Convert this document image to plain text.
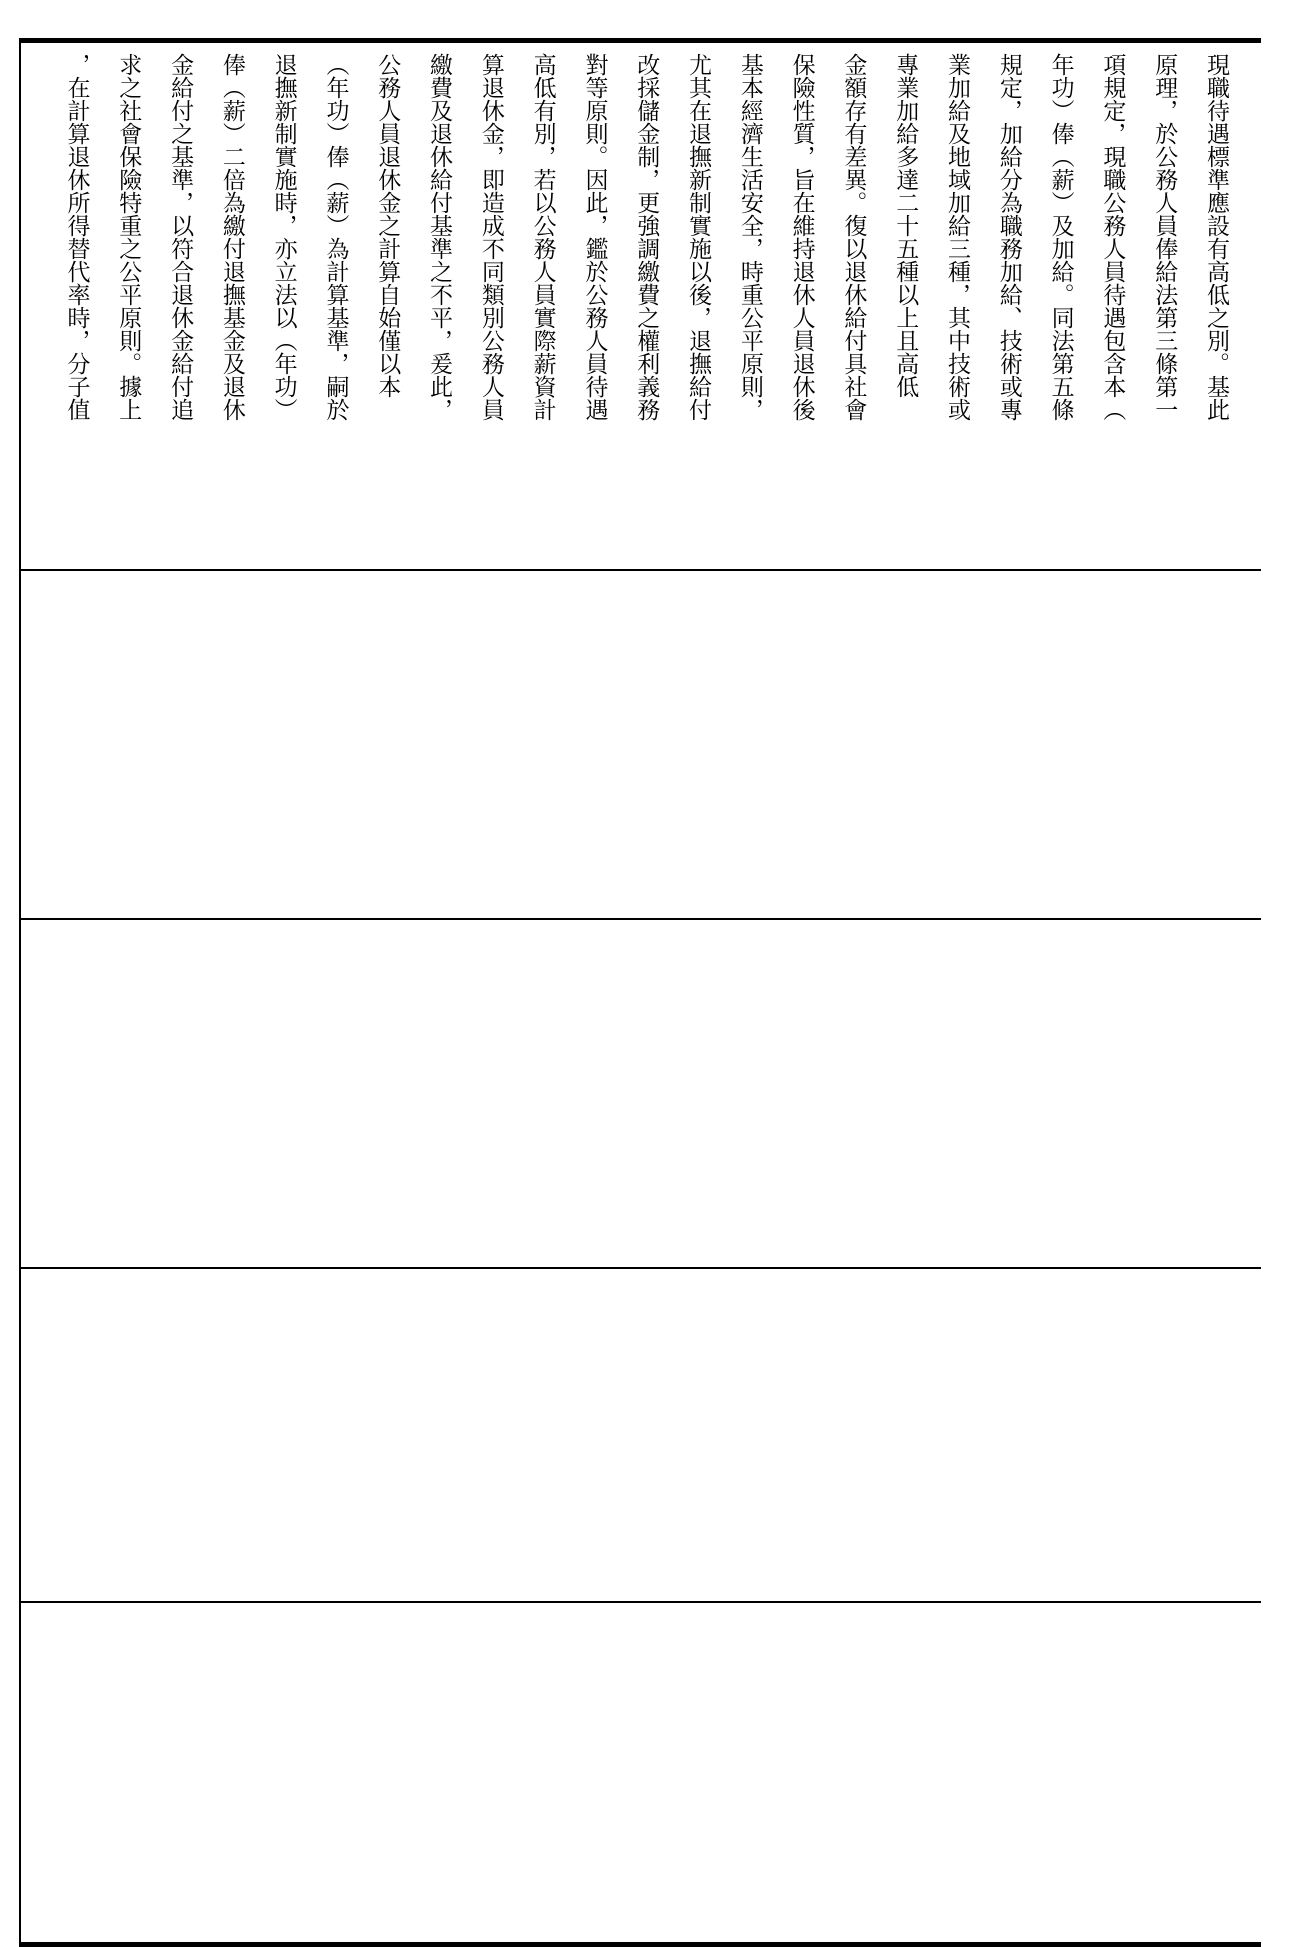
現職待遇標準應設有高低之別。基此
原理，於公務人員俸給法第三條第一
項規定，現職公務人員待遇包含本（
年功）俸（薪）及加給。同法第五條
規定，加給分為職務加給、技術或專
業加給及地域加給三種，其中技術或
專業加給多達二十五種以上且高低
金額存有差異。復以退休給付具社會
保險性質，旨在維持退休人員退休後
基本經濟生活安全，時重公平原則，
尤其在退撫新制實施以後，退撫給付
改採儲金制，更強調繳費之權利義務
對等原則。因此，鑑於公務人員待遇
高低有別，若以公務人員實際薪資計
算退休金，即造成不同類別公務人員
繳費及退休給付基準之不平，爰此，
公務人員退休金之計算自始僅以本
（年功）俸（薪）為計算基準，嗣於
退撫新制實施時，亦立法以（年功）
俸（薪）二倍為繳付退撫基金及退休
金給付之基準，以符合退休金給付追
求之社會保險特重之公平原則。據上
，在計算退休所得替代率時，分子值
